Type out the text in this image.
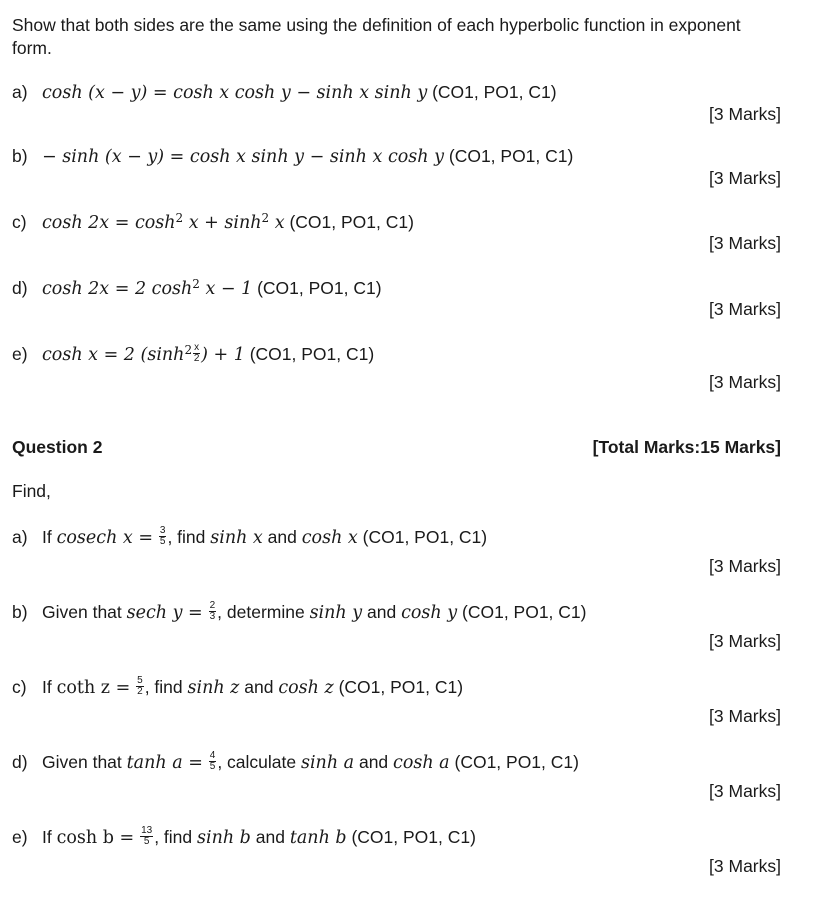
Show that both sides are the same using the definition of each hyperbolic function in exponent
form.
a) cosh (x − y) = cosh x cosh y − sinh x sinh y (CO1, PO1, C1)
[3 Marks]
b) − sinh (x − y) = cosh x sinh y − sinh x cosh y (CO1, PO1, C1)
[3 Marks]
c) $\cosh 2x = \cosh^2 x + \sinh^2 x$ (CO1, PO1, C1)
[3 Marks]
d) cosh 2x = 2 $\cosh^2 x - 1$ (CO1, PO1, C1)
[3 Marks]
e) cosh x = 2 ($\sinh^2 \frac{x}{2}$ ) + 1 (CO1, PO1, C1)
[3 Marks]
Question 2	[Total Marks:15 Marks]
Find,
a) If cosech $x = \frac{3}{5}$ , find sinh x and cosh x (CO1, PO1, C1)
[3 Marks]
b) Given that sech $y = \frac{2}{3}$ , determine sinh y and cosh y (CO1, PO1, C1)
[3 Marks]
c) If coth $z = \frac{5}{2}$ , find sinh z and cosh z (CO1, PO1, C1)
[3 Marks]
d) Given that $\tanh a = \frac{4}{5}$ , calculate sinh a and cosh a (CO1, PO1, C1)
[3 Marks]
e) If $\cosh b = \frac{13}{5}$ , find sinh b and tanh b (CO1, PO1, C1)
[3 Marks]
